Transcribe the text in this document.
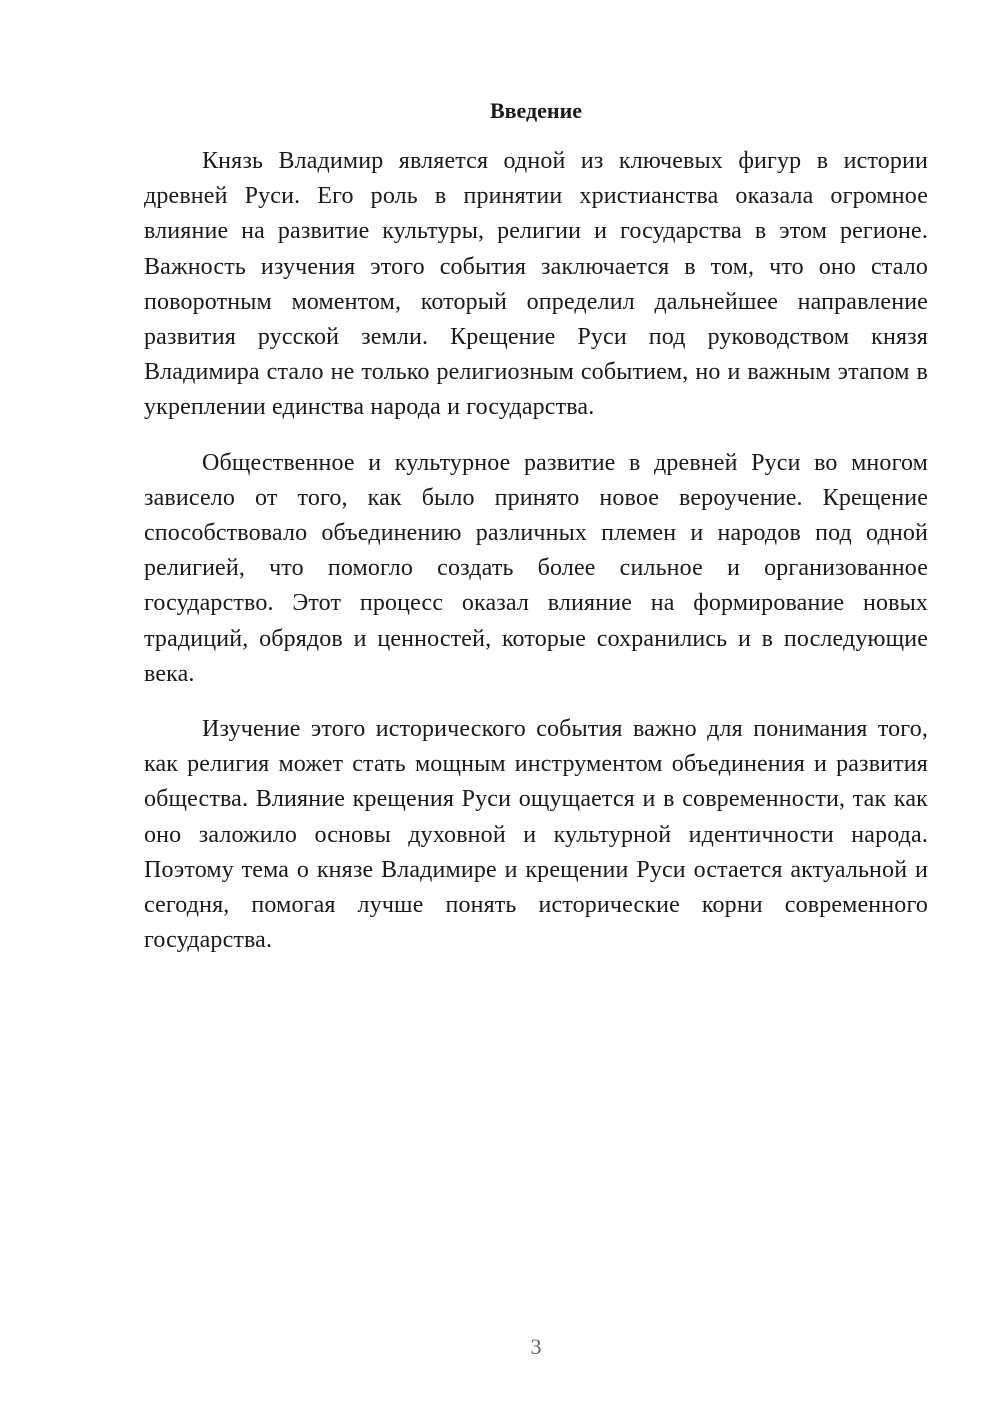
Введение

Князь Владимир является одной из ключевых фигур в истории древней Руси. Его роль в принятии христианства оказала огромное влияние на развитие культуры, религии и государства в этом регионе. Важность изучения этого события заключается в том, что оно стало поворотным моментом, который определил дальнейшее направление развития русской земли. Крещение Руси под руководством князя Владимира стало не только религиозным событием, но и важным этапом в укреплении единства народа и государства.

Общественное и культурное развитие в древней Руси во многом зависело от того, как было принято новое вероучение. Крещение способствовало объединению различных племен и народов под одной религией, что помогло создать более сильное и организованное государство. Этот процесс оказал влияние на формирование новых традиций, обрядов и ценностей, которые сохранились и в последующие века.

Изучение этого исторического события важно для понимания того, как религия может стать мощным инструментом объединения и развития общества. Влияние крещения Руси ощущается и в современности, так как оно заложило основы духовной и культурной идентичности народа. Поэтому тема о князе Владимире и крещении Руси остается актуальной и сегодня, помогая лучше понять исторические корни современного государства.

3
